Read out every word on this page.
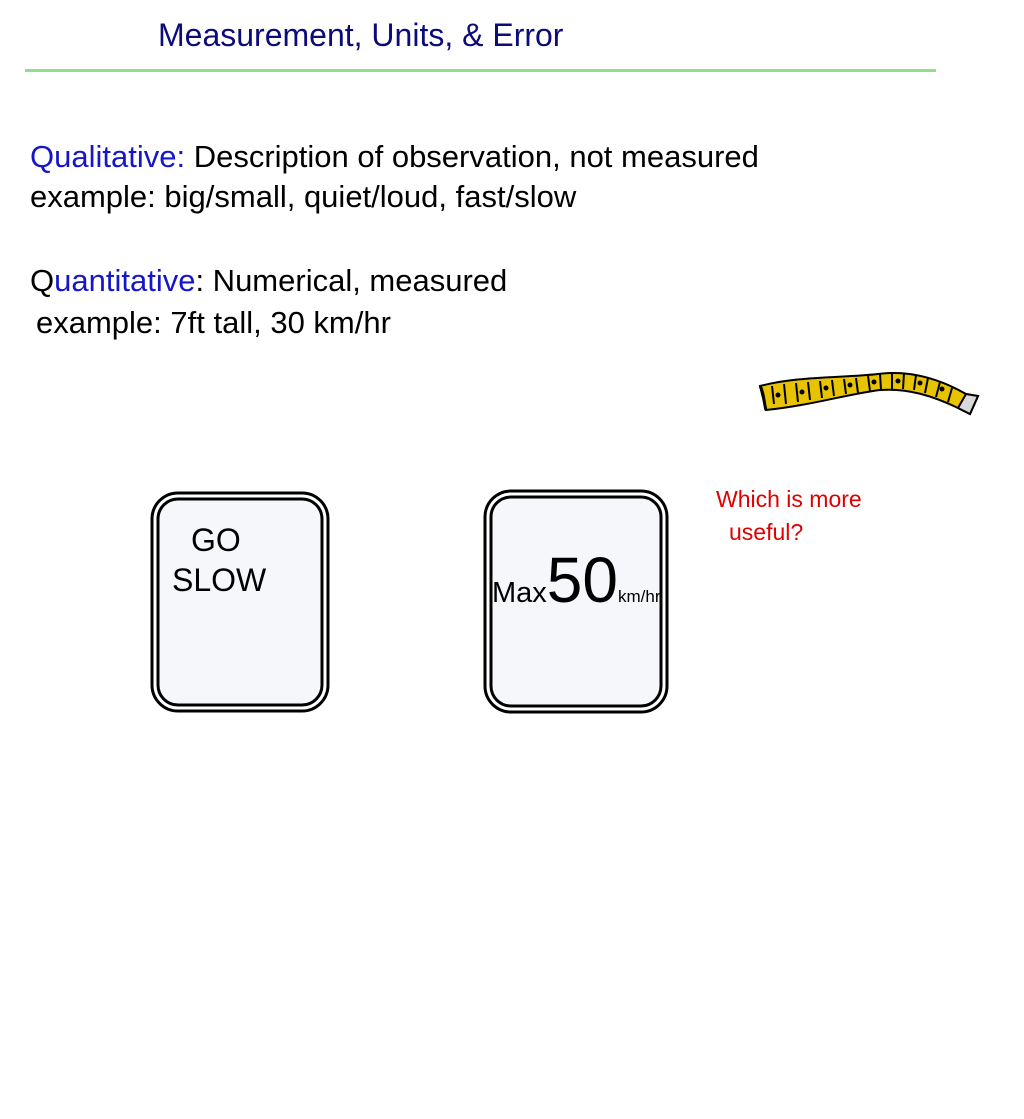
Measurement, Units, & Error
Qualitative: Description of observation, not measured
example: big/small, quiet/loud, fast/slow
Quantitative: Numerical, measured
example: 7ft tall, 30 km/hr
Which is more
useful?
GO
SLOW	Max50km/hr
